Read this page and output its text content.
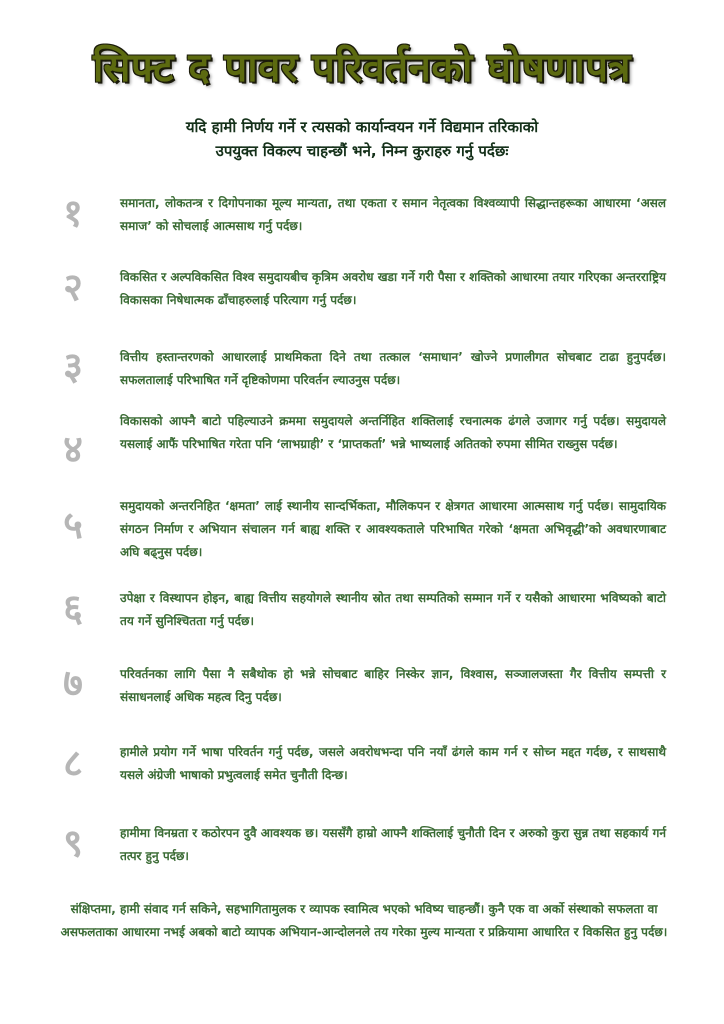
सिफ्ट द पावर परिवर्तनको घोषणापत्र
यदि हामी निर्णय गर्ने र त्यसको कार्यान्वयन गर्ने विद्यमान तरिकाको
उपयुक्त विकल्प चाहन्छौं भने, निम्न कुराहरु गर्नु पर्दछः
१	समानता, लोकतन्त्र र दिगोपनाका मूल्य मान्यता, तथा एकता र समान नेतृत्वका विश्वव्यापी सिद्धान्तहरूका आधारमा ‘असल समाज’ को सोचलाई आत्मसाथ गर्नु पर्दछ।
२	विकसित र अल्पविकसित विश्व समुदायबीच कृत्रिम अवरोध खडा गर्ने गरी पैसा र शक्तिको आधारमा तयार गरिएका अन्तरराष्ट्रिय विकासका निषेधात्मक ढाँचाहरुलाई परित्याग गर्नु पर्दछ।
३	वित्तीय हस्तान्तरणको आधारलाई प्राथमिकता दिने तथा तत्काल ‘समाधान’ खोज्ने प्रणालीगत सोचबाट टाढा हुनुपर्दछ। सफलतालाई परिभाषित गर्ने दृष्टिकोणमा परिवर्तन ल्याउनुस पर्दछ।
४
विकासको आफ्नै बाटो पहिल्याउने क्रममा समुदायले अन्तर्निहित शक्तिलाई रचनात्मक ढंगले उजागर गर्नु पर्दछ। समुदायले यसलाई आफैं परिभाषित गरेता पनि ‘लाभग्राही’ र ‘प्राप्तकर्ता’ भन्ने भाष्यलाई अतितको रुपमा सीमित राख्नुस पर्दछ।
५	समुदायको अन्तरनिहित ‘क्षमता’ लाई स्थानीय सान्दर्भिकता, मौलिकपन र क्षेत्रगत आधारमा आत्मसाथ गर्नु पर्दछ। सामुदायिक संगठन निर्माण र अभियान संचालन गर्न बाह्य शक्ति र आवश्यकताले परिभाषित गरेको ‘क्षमता अभिवृद्धी’को अवधारणाबाट अघि बढ्नुस पर्दछ।
६	उपेक्षा र विस्थापन होइन, बाह्य वित्तीय सहयोगले स्थानीय स्रोत तथा सम्पतिको सम्मान गर्ने र यसैको आधारमा भविष्यको बाटो तय गर्ने सुनिश्चितता गर्नु पर्दछ।
७	परिवर्तनका लागि पैसा नै सबैथोक हो भन्ने सोचबाट बाहिर निस्केर ज्ञान, विश्वास, सञ्जालजस्ता गैर वित्तीय सम्पत्ती र संसाधनलाई अधिक महत्व दिनु पर्दछ।
८	हामीले प्रयोग गर्ने भाषा परिवर्तन गर्नु पर्दछ, जसले अवरोधभन्दा पनि नयाँ ढंगले काम गर्न र सोच्न मद्दत गर्दछ, र साथसाथै यसले अंग्रेजी भाषाको प्रभुत्वलाई समेत चुनौती दिन्छ।
९	हामीमा विनम्रता र कठोरपन दुवै आवश्यक छ। यससँगै हाम्रो आफ्नै शक्तिलाई चुनौती दिन र अरुको कुरा सुन्न तथा सहकार्य गर्न तत्पर हुनु पर्दछ।
संक्षिप्तमा, हामी संवाद गर्न सकिने, सहभागितामुलक र व्यापक स्वामित्व भएको भविष्य चाहन्छौं। कुनै एक वा अर्को संस्थाको सफलता वा असफलताका आधारमा नभई अबको बाटो व्यापक अभियान-आन्दोलनले तय गरेका मुल्य मान्यता र प्रक्रियामा आधारित र विकसित हुनु पर्दछ।
